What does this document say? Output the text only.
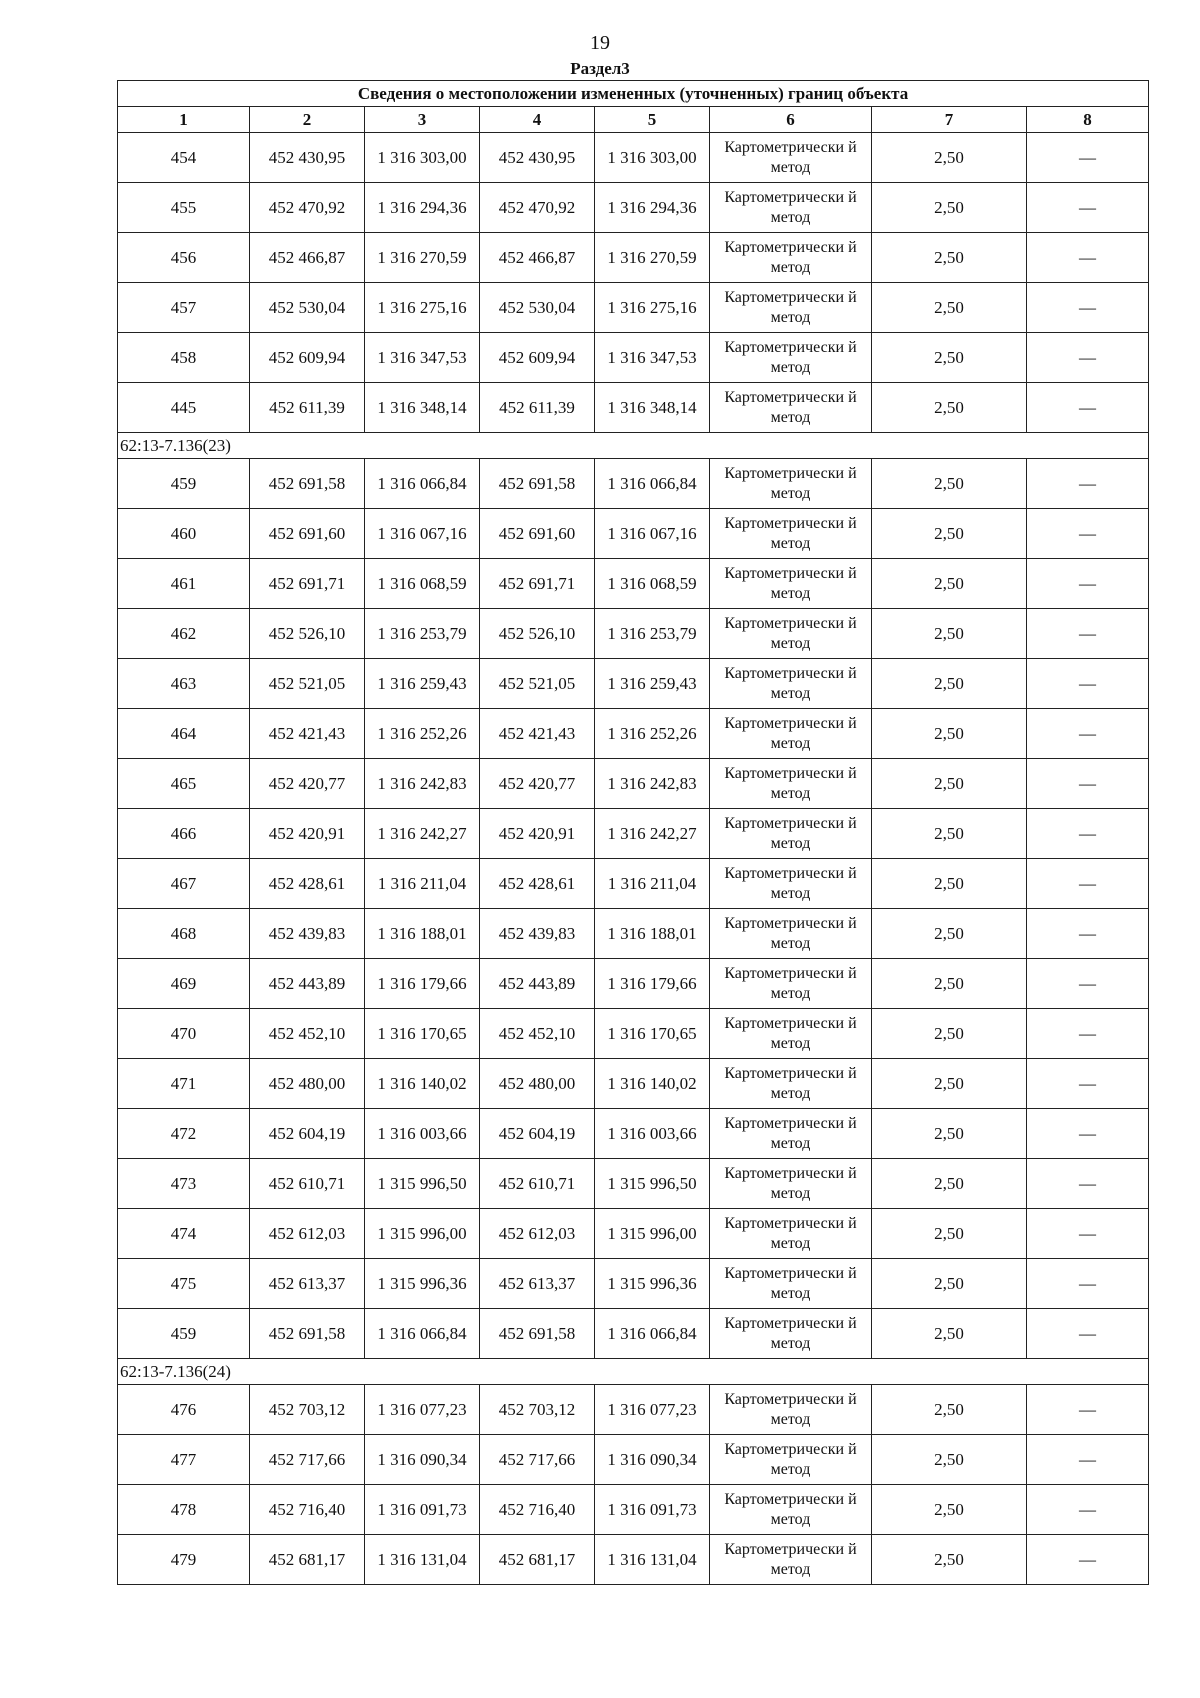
19
Раздел3
Сведения о местоположении измененных (уточненных) границ объекта							
1	2	3	4	5	6	7	8
454	452 430,95	1 316 303,00	452 430,95	1 316 303,00	Картометрически й метод	2,50	—
455	452 470,92	1 316 294,36	452 470,92	1 316 294,36	Картометрически й метод	2,50	—
456	452 466,87	1 316 270,59	452 466,87	1 316 270,59	Картометрически й метод	2,50	—
457	452 530,04	1 316 275,16	452 530,04	1 316 275,16	Картометрически й метод	2,50	—
458	452 609,94	1 316 347,53	452 609,94	1 316 347,53	Картометрически й метод	2,50	—
445	452 611,39	1 316 348,14	452 611,39	1 316 348,14	Картометрически й метод	2,50	—
62:13-7.136(23)							
459	452 691,58	1 316 066,84	452 691,58	1 316 066,84	Картометрически й метод	2,50	—
460	452 691,60	1 316 067,16	452 691,60	1 316 067,16	Картометрически й метод	2,50	—
461	452 691,71	1 316 068,59	452 691,71	1 316 068,59	Картометрически й метод	2,50	—
462	452 526,10	1 316 253,79	452 526,10	1 316 253,79	Картометрически й метод	2,50	—
463	452 521,05	1 316 259,43	452 521,05	1 316 259,43	Картометрически й метод	2,50	—
464	452 421,43	1 316 252,26	452 421,43	1 316 252,26	Картометрически й метод	2,50	—
465	452 420,77	1 316 242,83	452 420,77	1 316 242,83	Картометрически й метод	2,50	—
466	452 420,91	1 316 242,27	452 420,91	1 316 242,27	Картометрически й метод	2,50	—
467	452 428,61	1 316 211,04	452 428,61	1 316 211,04	Картометрически й метод	2,50	—
468	452 439,83	1 316 188,01	452 439,83	1 316 188,01	Картометрически й метод	2,50	—
469	452 443,89	1 316 179,66	452 443,89	1 316 179,66	Картометрически й метод	2,50	—
470	452 452,10	1 316 170,65	452 452,10	1 316 170,65	Картометрически й метод	2,50	—
471	452 480,00	1 316 140,02	452 480,00	1 316 140,02	Картометрически й метод	2,50	—
472	452 604,19	1 316 003,66	452 604,19	1 316 003,66	Картометрически й метод	2,50	—
473	452 610,71	1 315 996,50	452 610,71	1 315 996,50	Картометрически й метод	2,50	—
474	452 612,03	1 315 996,00	452 612,03	1 315 996,00	Картометрически й метод	2,50	—
475	452 613,37	1 315 996,36	452 613,37	1 315 996,36	Картометрически й метод	2,50	—
459	452 691,58	1 316 066,84	452 691,58	1 316 066,84	Картометрически й метод	2,50	—
62:13-7.136(24)							
476	452 703,12	1 316 077,23	452 703,12	1 316 077,23	Картометрически й метод	2,50	—
477	452 717,66	1 316 090,34	452 717,66	1 316 090,34	Картометрически й метод	2,50	—
478	452 716,40	1 316 091,73	452 716,40	1 316 091,73	Картометрически й метод	2,50	—
479	452 681,17	1 316 131,04	452 681,17	1 316 131,04	Картометрически й метод	2,50	—
